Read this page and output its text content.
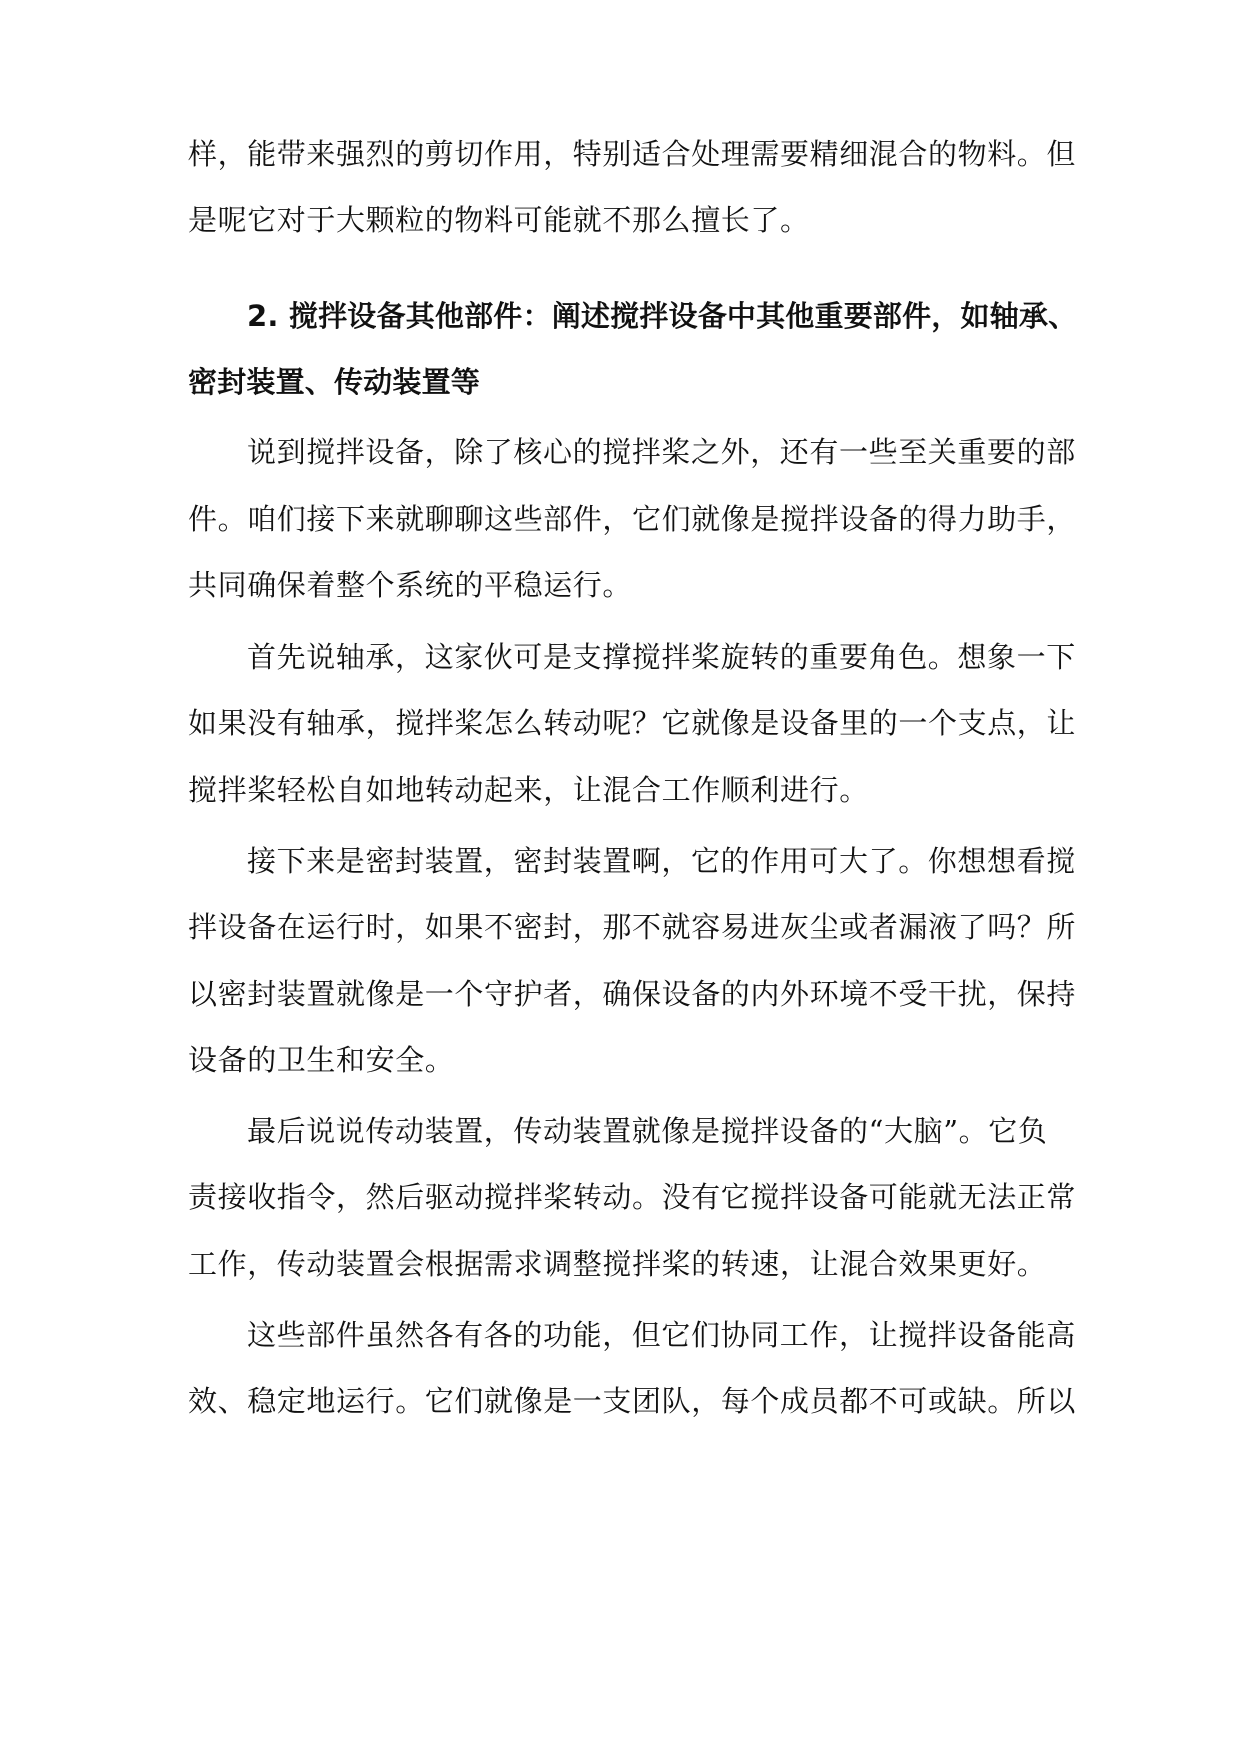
样，能带来强烈的剪切作用，特别适合处理需要精细混合的物料。但
是呢它对于大颗粒的物料可能就不那么擅长了。
2. 搅拌设备其他部件：阐述搅拌设备中其他重要部件，如轴承、
密封装置、传动装置等
说到搅拌设备，除了核心的搅拌桨之外，还有一些至关重要的部
件。咱们接下来就聊聊这些部件，它们就像是搅拌设备的得力助手，
共同确保着整个系统的平稳运行。
首先说轴承，这家伙可是支撑搅拌桨旋转的重要角色。想象一下
如果没有轴承，搅拌桨怎么转动呢？它就像是设备里的一个支点，让
搅拌桨轻松自如地转动起来，让混合工作顺利进行。
接下来是密封装置，密封装置啊，它的作用可大了。你想想看搅
拌设备在运行时，如果不密封，那不就容易进灰尘或者漏液了吗？所
以密封装置就像是一个守护者，确保设备的内外环境不受干扰，保持
设备的卫生和安全。
最后说说传动装置，传动装置就像是搅拌设备的“大脑”。它负
责接收指令，然后驱动搅拌桨转动。没有它搅拌设备可能就无法正常
工作，传动装置会根据需求调整搅拌桨的转速，让混合效果更好。
这些部件虽然各有各的功能，但它们协同工作，让搅拌设备能高
效、稳定地运行。它们就像是一支团队，每个成员都不可或缺。所以
